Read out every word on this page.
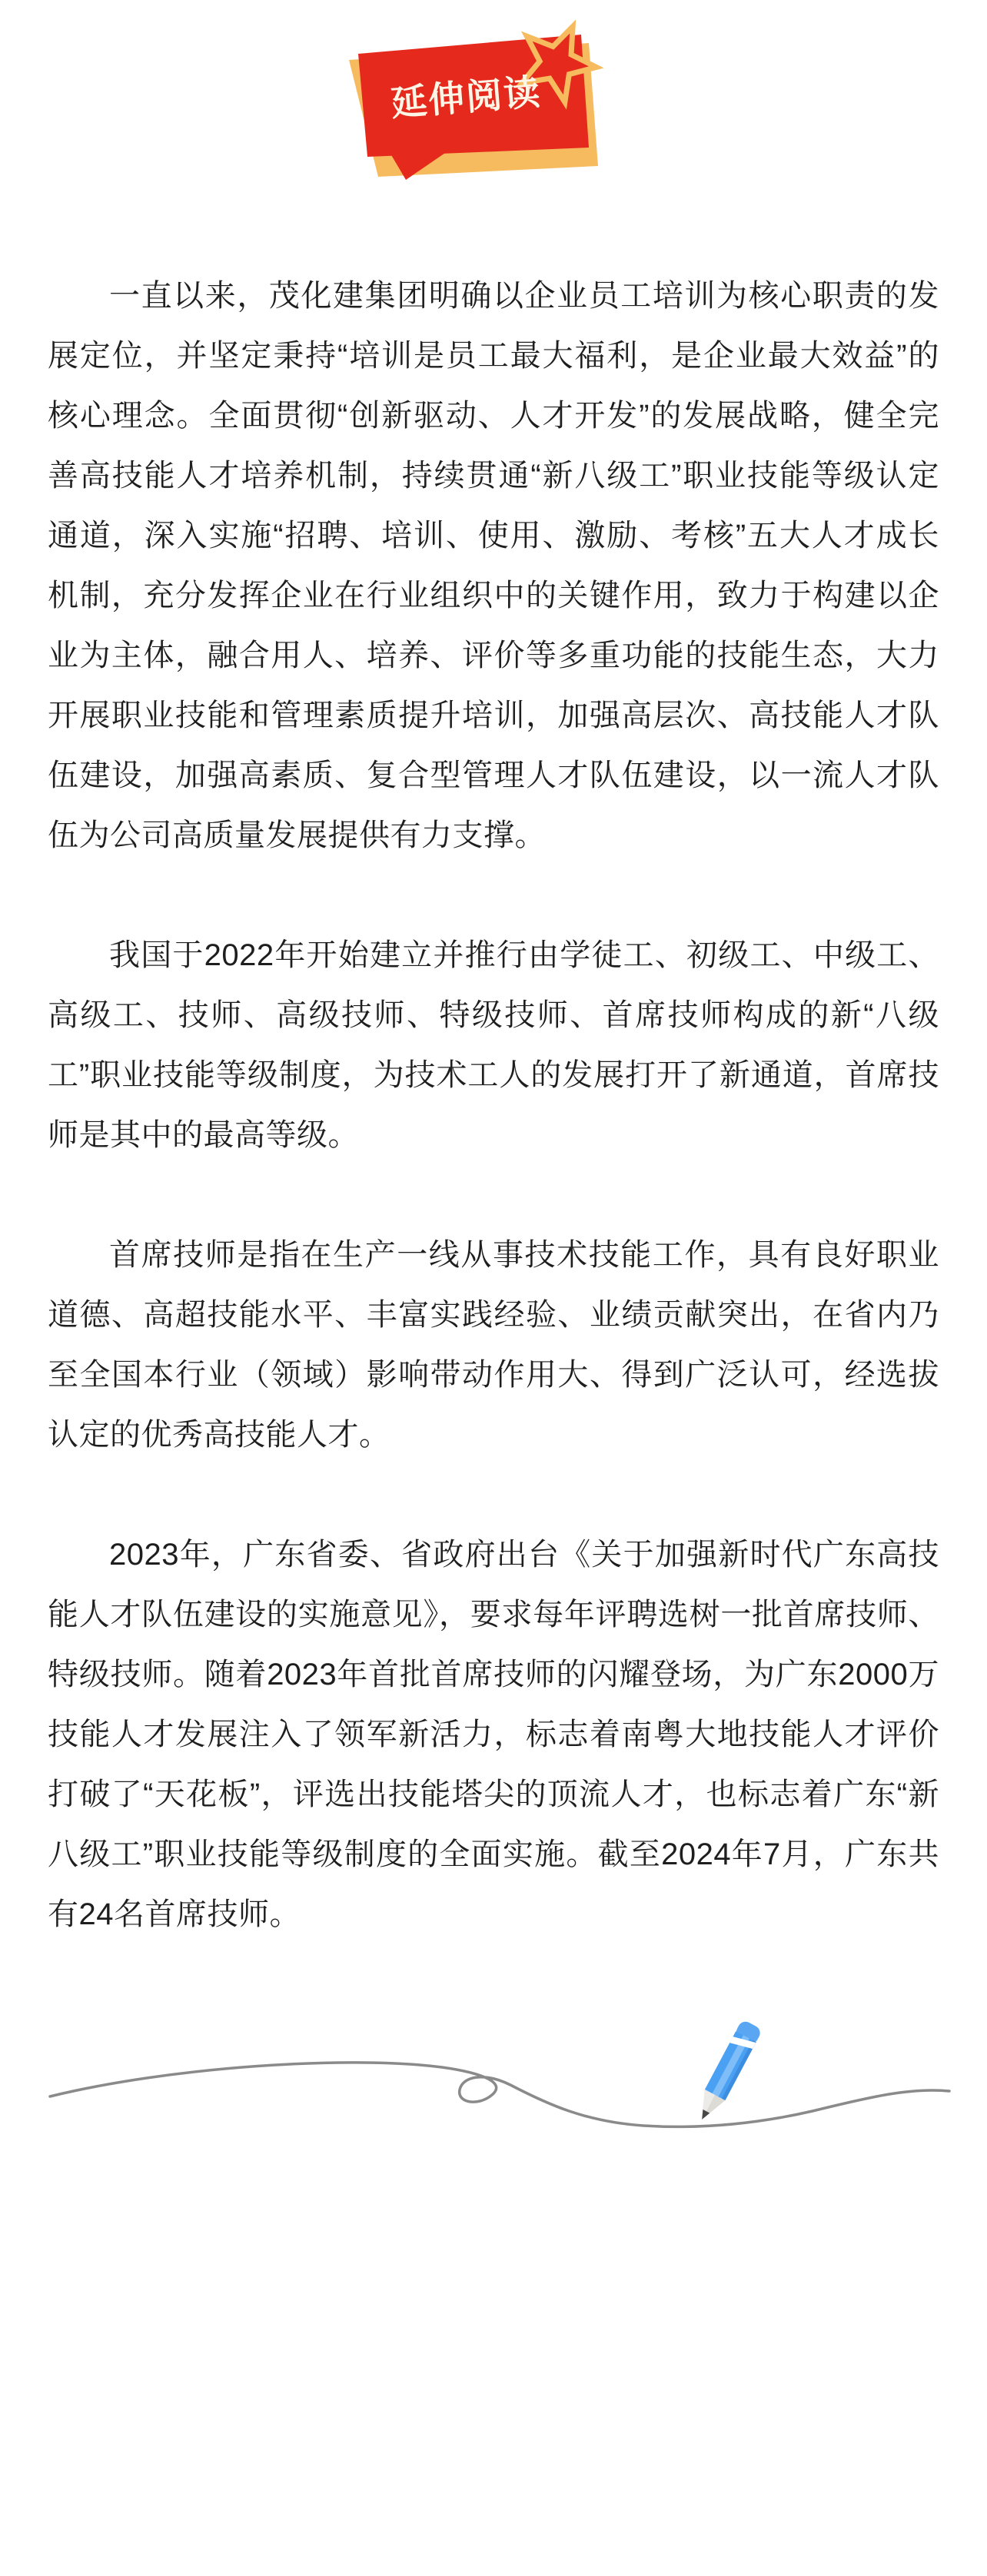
延伸阅读

一直以来，茂化建集团明确以企业员工培训为核心职责的发展定位，并坚定秉持“培训是员工最大福利，是企业最大效益”的核心理念。全面贯彻“创新驱动、人才开发”的发展战略，健全完善高技能人才培养机制，持续贯通“新八级工”职业技能等级认定通道，深入实施“招聘、培训、使用、激励、考核”五大人才成长机制，充分发挥企业在行业组织中的关键作用，致力于构建以企业为主体，融合用人、培养、评价等多重功能的技能生态，大力开展职业技能和管理素质提升培训，加强高层次、高技能人才队伍建设，加强高素质、复合型管理人才队伍建设，以一流人才队伍为公司高质量发展提供有力支撑。

我国于2022年开始建立并推行由学徒工、初级工、中级工、高级工、技师、高级技师、特级技师、首席技师构成的新“八级工”职业技能等级制度，为技术工人的发展打开了新通道，首席技师是其中的最高等级。

首席技师是指在生产一线从事技术技能工作，具有良好职业道德、高超技能水平、丰富实践经验、业绩贡献突出，在省内乃至全国本行业（领域）影响带动作用大、得到广泛认可，经选拔认定的优秀高技能人才。

2023年，广东省委、省政府出台《关于加强新时代广东高技能人才队伍建设的实施意见》，要求每年评聘选树一批首席技师、特级技师。随着2023年首批首席技师的闪耀登场，为广东2000万技能人才发展注入了领军新活力，标志着南粤大地技能人才评价打破了“天花板”，评选出技能塔尖的顶流人才，也标志着广东“新八级工”职业技能等级制度的全面实施。截至2024年7月，广东共有24名首席技师。
